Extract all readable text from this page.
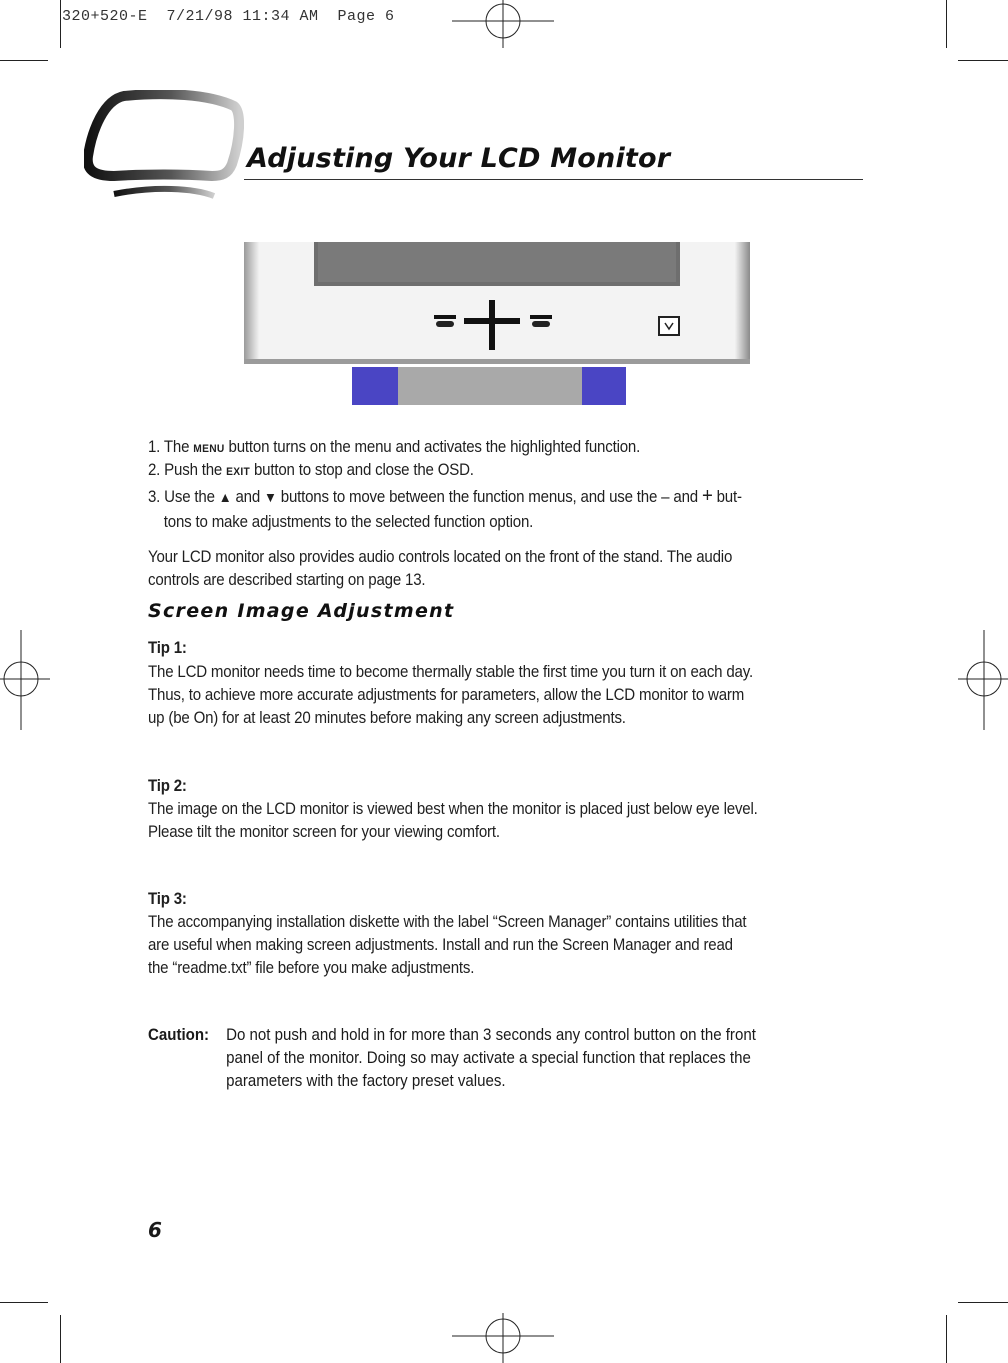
320+520-E  7/21/98 11:34 AM  Page 6
Adjusting Your LCD Monitor
1. The MENU button turns on the menu and activates the highlighted function.
2. Push the EXIT button to stop and close the OSD.
3. Use the ▲ and ▼ buttons to move between the function menus, and use the – and + but-
tons to make adjustments to the selected function option.
Your LCD monitor also provides audio controls located on the front of the stand. The audio
controls are described starting on page 13.
Screen Image Adjustment
Tip 1:
The LCD monitor needs time to become thermally stable the first time you turn it on each day.
Thus, to achieve more accurate adjustments for parameters, allow the LCD monitor to warm
up (be On) for at least 20 minutes before making any screen adjustments.
Tip 2:
The image on the LCD monitor is viewed best when the monitor is placed just below eye level.
Please tilt the monitor screen for your viewing comfort.
Tip 3:
The accompanying installation diskette with the label “Screen Manager” contains utilities that
are useful when making screen adjustments. Install and run the Screen Manager and read
the “readme.txt” file before you make adjustments.
Caution: Do not push and hold in for more than 3 seconds any control button on the front
panel of the monitor. Doing so may activate a special function that replaces the
parameters with the factory preset values.
6
